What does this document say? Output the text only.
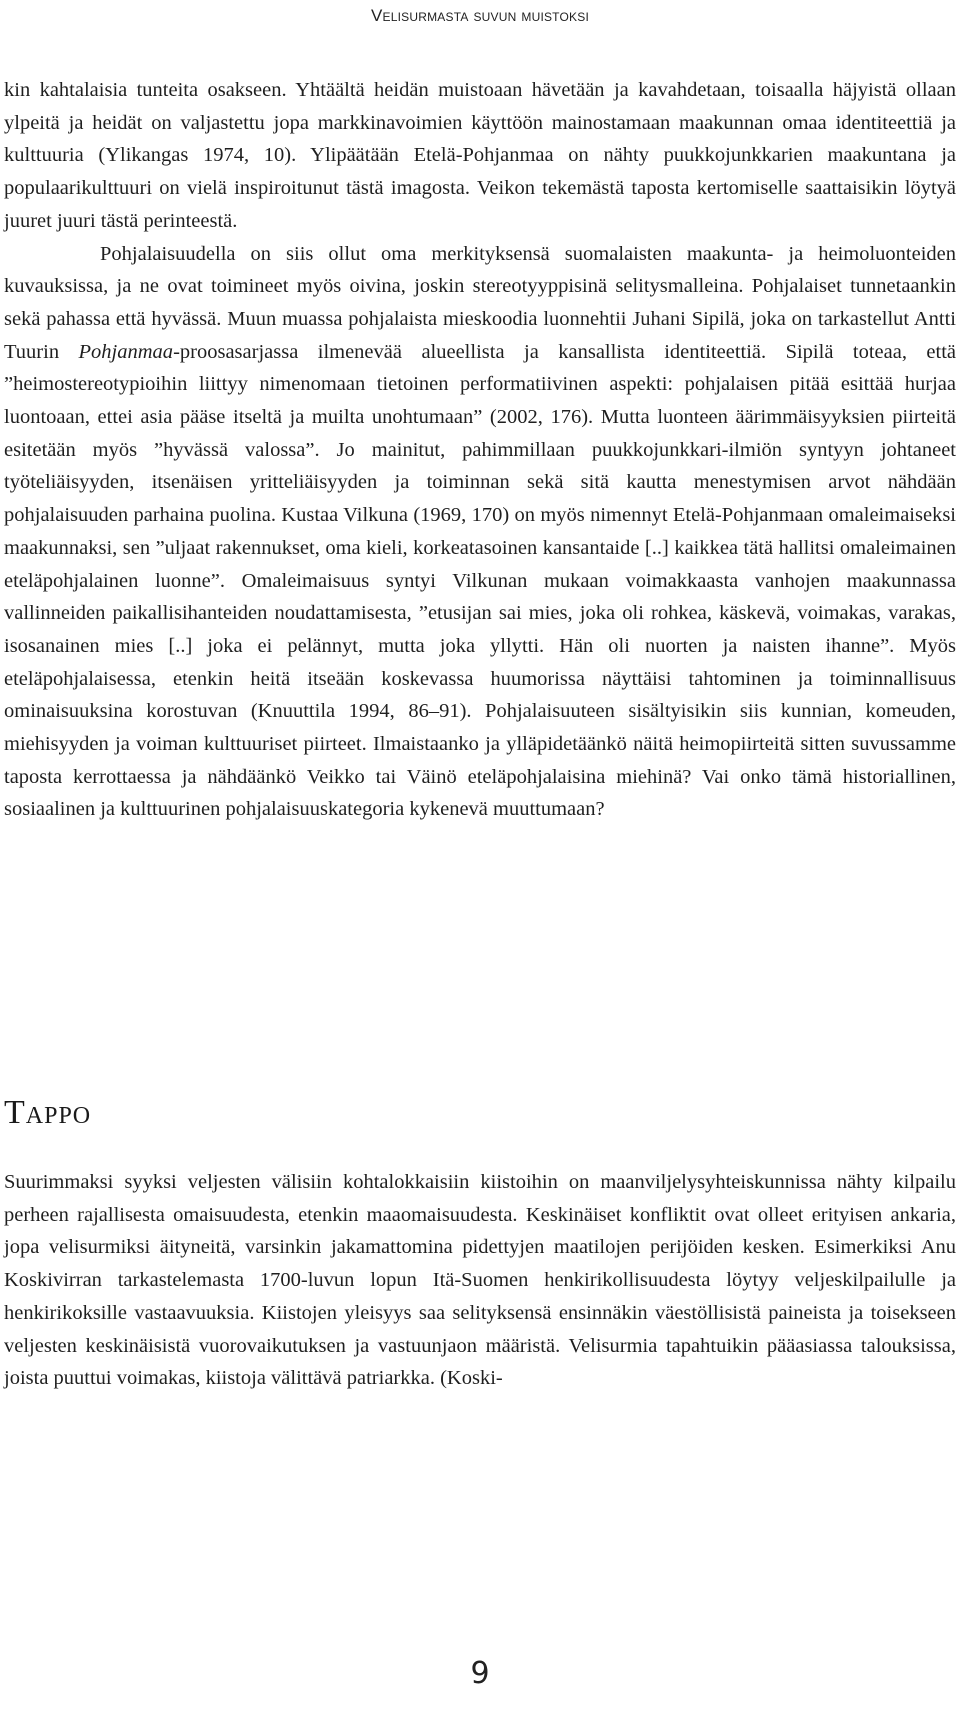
Velisurmasta suvun muistoksi

kin kahtalaisia tunteita osakseen. Yhtäältä heidän muistoaan hävetään ja kavahdetaan, toisaalla häjyistä ollaan ylpeitä ja heidät on valjastettu jopa markkinavoimien käyttöön mainostamaan maakunnan omaa identiteettiä ja kulttuuria (Ylikangas 1974, 10). Ylipäätään Etelä-Pohjanmaa on nähty puukkojunkkarien maakuntana ja populaarikulttuuri on vielä inspiroitunut tästä imagosta. Veikon tekemästä taposta kertomiselle saattaisikin löytyä juuret juuri tästä perinteestä.

Pohjalaisuudella on siis ollut oma merkityksensä suomalaisten maakunta- ja heimoluonteiden kuvauksissa, ja ne ovat toimineet myös oivina, joskin stereotyyppisinä selitysmalleina. Pohjalaiset tunnetaankin sekä pahassa että hyvässä. Muun muassa pohjalaista mieskoodia luonnehtii Juhani Sipilä, joka on tarkastellut Antti Tuurin Pohjanmaa-proosasarjassa ilmenevää alueellista ja kansallista identiteettiä. Sipilä toteaa, että ”heimostereotypioihin liittyy nimenomaan tietoinen performatiivinen aspekti: pohjalaisen pitää esittää hurjaa luontoaan, ettei asia pääse itseltä ja muilta unohtumaan” (2002, 176). Mutta luonteen äärimmäisyyksien piirteitä esitetään myös ”hyvässä valossa”. Jo mainitut, pahimmillaan puukkojunkkari-ilmiön syntyyn johtaneet työteliäisyyden, itsenäisen yritteliäisyyden ja toiminnan sekä sitä kautta menestymisen arvot nähdään pohjalaisuuden parhaina puolina. Kustaa Vilkuna (1969, 170) on myös nimennyt Etelä-Pohjanmaan omaleimaiseksi maakunnaksi, sen ”uljaat rakennukset, oma kieli, korkeatasoinen kansantaide [..] kaikkea tätä hallitsi omaleimainen eteläpohjalainen luonne”. Omaleimaisuus syntyi Vilkunan mukaan voimakkaasta vanhojen maakunnassa vallinneiden paikallisihanteiden noudattamisesta, ”etusijan sai mies, joka oli rohkea, käskevä, voimakas, varakas, isosanainen mies [..] joka ei pelännyt, mutta joka yllytti. Hän oli nuorten ja naisten ihanne”. Myös eteläpohjalaisessa, etenkin heitä itseään koskevassa huumorissa näyttäisi tahtominen ja toiminnallisuus ominaisuuksina korostuvan (Knuuttila 1994, 86–91). Pohjalaisuuteen sisältyisikin siis kunnian, komeuden, miehisyyden ja voiman kulttuuriset piirteet. Ilmaistaanko ja ylläpidetäänkö näitä heimopiirteitä sitten suvussamme taposta kerrottaessa ja nähdäänkö Veikko tai Väinö eteläpohjalaisina miehinä? Vai onko tämä historiallinen, sosiaalinen ja kulttuurinen pohjalaisuuskategoria kykenevä muuttumaan?

Tappo

Suurimmaksi syyksi veljesten välisiin kohtalokkaisiin kiistoihin on maanviljelysyhteiskunnissa nähty kilpailu perheen rajallisesta omaisuudesta, etenkin maaomaisuudesta. Keskinäiset konfliktit ovat olleet erityisen ankaria, jopa velisurmiksi äityneitä, varsinkin jakamattomina pidettyjen maatilojen perijöiden kesken. Esimerkiksi Anu Koskivirran tarkastelemasta 1700-luvun lopun Itä-Suomen henkirikollisuudesta löytyy veljeskilpailulle ja henkirikoksille vastaavuuksia. Kiistojen yleisyys saa selityksensä ensinnäkin väestöllisistä paineista ja toisekseen veljesten keskinäisistä vuorovaikutuksen ja vastuunjaon määristä. Velisurmia tapahtuikin pääasiassa talouksissa, joista puuttui voimakas, kiistoja välittävä patriarkka. (Koski-

9
